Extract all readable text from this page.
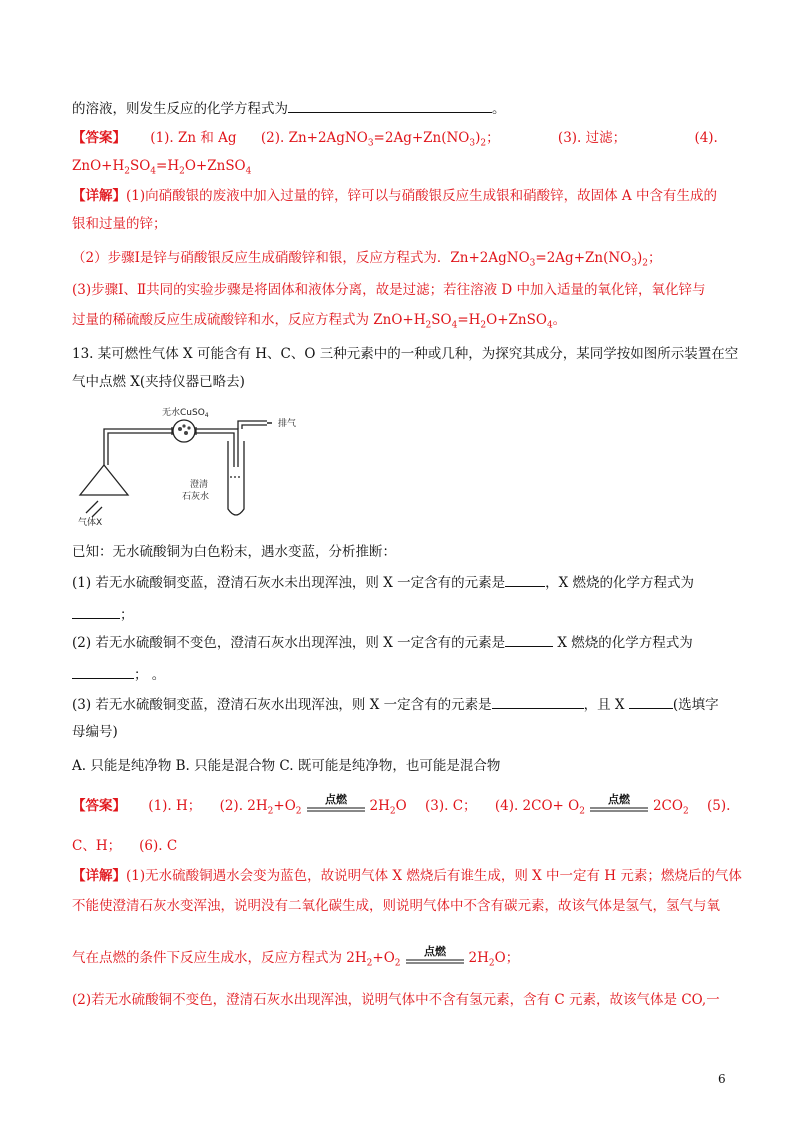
的溶液，则发生反应的化学方程式为	。
【答案】 (1). Zn 和 Ag (2). $Zn+2AgNO_3=2Ag+Zn(NO_3)_2$；	(3). 过滤；	(4).
$ZnO+H_2SO_4=H_2O+ZnSO_4$
【详解】(1)向硝酸银的废液中加入过量的锌，锌可以与硝酸银反应生成银和硝酸锌，故固体 A 中含有生成的
银和过量的锌；
（2）步骤Ⅰ是锌与硝酸银反应生成硝酸锌和银，反应方程式为．$Zn+2AgNO_3=2Ag+Zn(NO_3)_2$；
(3)步骤Ⅰ、Ⅱ共同的实验步骤是将固体和液体分离，故是过滤；若往溶液 D 中加入适量的氧化锌，氧化锌与
过量的稀硫酸反应生成硫酸锌和水，反应方程式为 $ZnO+H_2SO_4=H_2O+ZnSO_4$。
13. 某可燃性气体 X 可能含有 H、C、O 三种元素中的一种或几种，为探究其成分，某同学按如图所示装置在空
气中点燃 X(夹持仪器已略去)
无水CuSO$_4$
排气
澄清
石灰水
气体X
已知：无水硫酸铜为白色粉末，遇水变蓝，分析推断：
(1) 若无水硫酸铜变蓝，澄清石灰水未出现浑浊，则 X 一定含有的元素是	，X 燃烧的化学方程式为
；
(2) 若无水硫酸铜不变色，澄清石灰水出现浑浊，则 X 一定含有的元素是	X 燃烧的化学方程式为
； 。
(3) 若无水硫酸铜变蓝，澄清石灰水出现浑浊，则 X 一定含有的元素是	，且 X	(选填字
母编号)
A. 只能是纯净物 B. 只能是混合物 C. 既可能是纯净物，也可能是混合物
【答案】 (1). H； (2). $2H_2+O_2$
点燃 $2H_2O$ (3). C； (4). $2CO+ O_2$
点燃 $2CO_2$ (5).
C、H； (6). C
【详解】(1)无水硫酸铜遇水会变为蓝色，故说明气体 X 燃烧后有谁生成，则 X 中一定有 H 元素；燃烧后的气体
不能使澄清石灰水变浑浊，说明没有二氧化碳生成，则说明气体中不含有碳元素，故该气体是氢气，氢气与氧
气在点燃的条件下反应生成水，反应方程式为 $2H_2+O_2$
点燃 $2H_2O$；
(2)若无水硫酸铜不变色，澄清石灰水出现浑浊，说明气体中不含有氢元素，含有 C 元素，故该气体是 CO,一
6
